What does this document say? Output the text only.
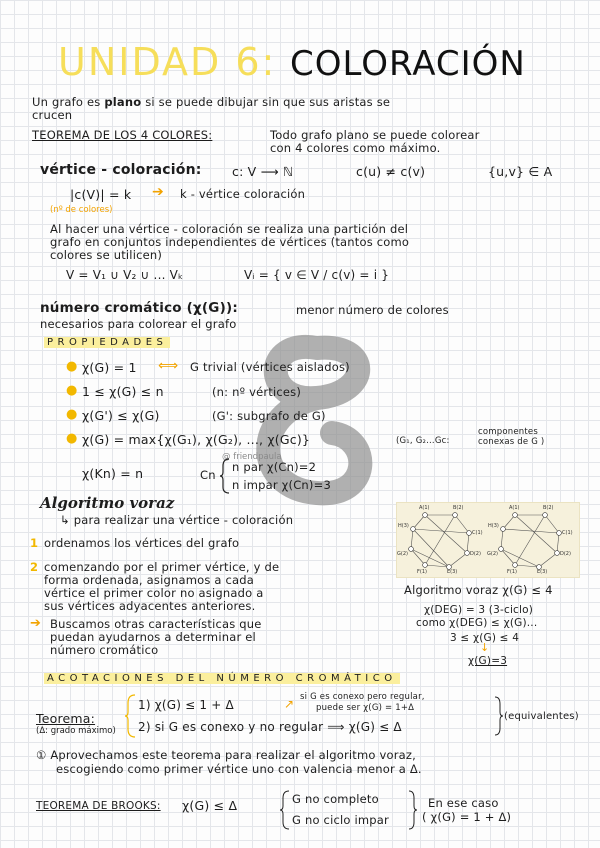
UNIDAD 6: COLORACIÓN
Un grafo es plano si se puede dibujar sin que sus aristas se
crucen
TEOREMA DE LOS 4 COLORES:	Todo grafo plano se puede colorear
con 4 colores como máximo.
vértice - coloración: c: V ⟶ ℕ	c(u) ≠ c(v)	{u,v} ∈ A
|c(V)| = k ➔ k - vértice coloración
(nº de colores)
Al hacer una vértice - coloración se realiza una partición del
grafo en conjuntos independientes de vértices (tantos como
colores se utilicen)
V = V₁ ∪ V₂ ∪ ... Vₖ	Vᵢ = { v ∈ V / c(v) = i }
número cromático (χ(G)):	menor número de colores
necesarios para colorear el grafo
@ friendpaula
PROPIEDADES
● χ(G) = 1 ⟺ G trivial (vértices aislados)
● 1 ≤ χ(G) ≤ n	(n: nº vértices)
● χ(G') ≤ χ(G)	(G': subgrafo de G)
● χ(G) = max{χ(G₁), χ(G₂), ..., χ(Gc)}	(G₁, G₂...Gc:
componentes
conexas de G )
χ(Kn) = n	Cn
n par χ(Cn)=2
n impar χ(Cn)=3
Algoritmo voraz
↳ para realizar una vértice - coloración
1 ordenamos los vértices del grafo
2 comenzando por el primer vértice, y de
forma ordenada, asignamos a cada
vértice el primer color no asignado a
sus vértices adyacentes anteriores.
➔ Buscamos otras características que
puedan ayudarnos a determinar el
número cromático
A(1)	B(2)
C(1)
D(2)
E(3)
F(1)
G(2)
H(3)
A(1)	B(2)
C(1)
D(2)
E(3)
F(1)
G(2)
H(3)
Algoritmo voraz χ(G) ≤ 4
χ(DEG) = 3 (3-ciclo)
como χ(DEG) ≤ χ(G)...
3 ≤ χ(G) ≤ 4
↓
χ(G)=3
ACOTACIONES DEL NÚMERO CROMÁTICO
Teorema:
(Δ: grado máximo)
1) χ(G) ≤ 1 + Δ
2) si G es conexo y no regular ⟹ χ(G) ≤ Δ
↗ si G es conexo pero regular,
puede ser χ(G) = 1+Δ
(equivalentes)
① Aprovechamos este teorema para realizar el algoritmo voraz,
escogiendo como primer vértice uno con valencia menor a Δ.
TEOREMA DE BROOKS: χ(G) ≤ Δ	G no completo
G no ciclo impar
En ese caso
( χ(G) = 1 + Δ)
